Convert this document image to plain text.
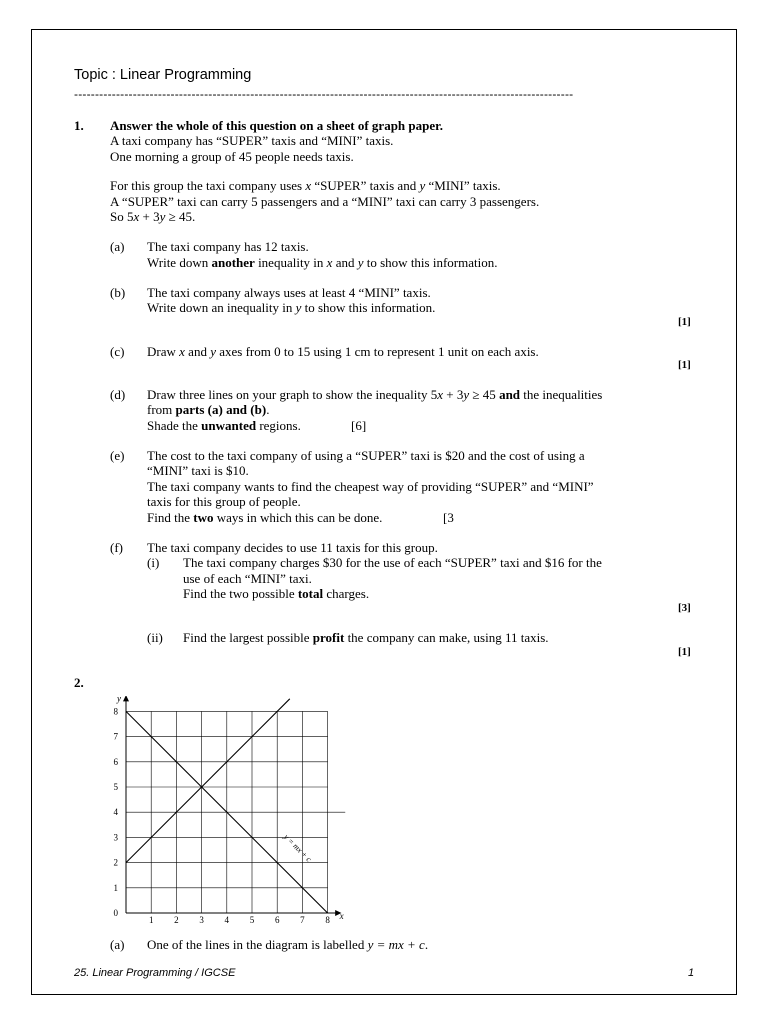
Topic : Linear Programming
-----------------------------------------------------------------------------------------------------------------------
1. Answer the whole of this question on a sheet of graph paper.
A taxi company has “SUPER” taxis and “MINI” taxis.
One morning a group of 45 people needs taxis.
For this group the taxi company uses x “SUPER” taxis and y “MINI” taxis.
A “SUPER” taxi can carry 5 passengers and a “MINI” taxi can carry 3 passengers.
So 5x + 3y ≥ 45.
(a) The taxi company has 12 taxis.
Write down another inequality in x and y to show this information.
(b) The taxi company always uses at least 4 “MINI” taxis.
Write down an inequality in y to show this information.
[1]
(c) Draw x and y axes from 0 to 15 using 1 cm to represent 1 unit on each axis.
[1]
(d) Draw three lines on your graph to show the inequality 5x + 3y ≥ 45 and the inequalities
from parts (a) and (b).
Shade the unwanted regions.	[6]
(e) The cost to the taxi company of using a “SUPER” taxi is $20 and the cost of using a
“MINI” taxi is $10.
The taxi company wants to find the cheapest way of providing “SUPER” and “MINI”
taxis for this group of people.
Find the two ways in which this can be done.	[3
(f) The taxi company decides to use 11 taxis for this group.
(i) The taxi company charges $30 for the use of each “SUPER” taxi and $16 for the
use of each “MINI” taxi.
Find the two possible total charges.
[3]
(ii) Find the largest possible profit the company can make, using 11 taxis.
[1]
2.
1 2 3 4 5 6 7 8
1
2
3
4
5
6
7
8
0	x
y
y = mx + c
(a) One of the lines in the diagram is labelled y = mx + c.
25. Linear Programming / IGCSE	1
